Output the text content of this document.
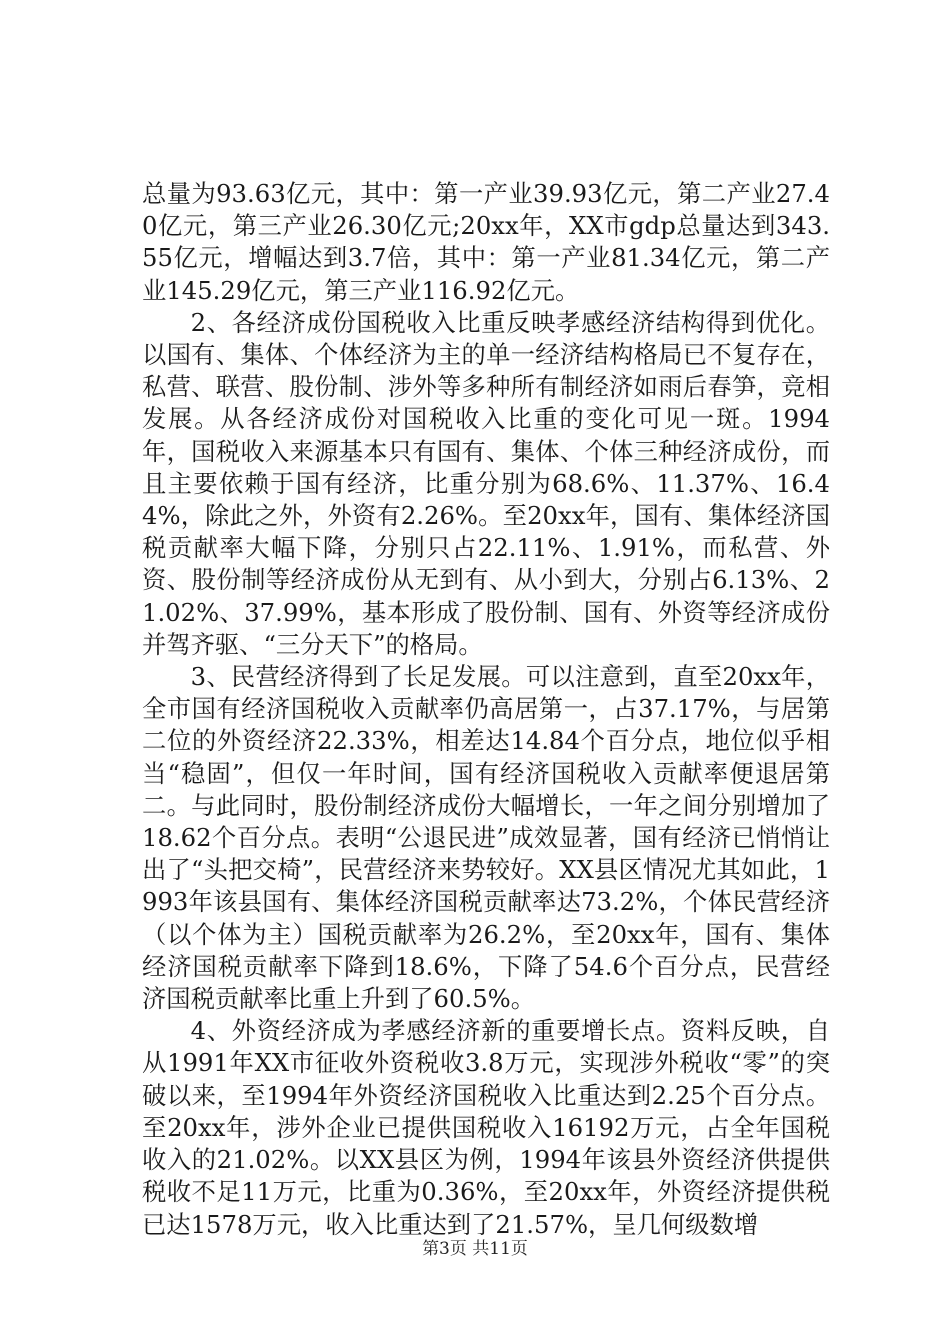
总量为93.63亿元，其中：第一产业39.93亿元，第二产业27.40亿元，第三产业26.30亿元;20xx年，XX市gdp总量达到343.55亿元，增幅达到3.7倍，其中：第一产业81.34亿元，第二产业145.29亿元，第三产业116.92亿元。

2、各经济成份国税收入比重反映孝感经济结构得到优化。以国有、集体、个体经济为主的单一经济结构格局已不复存在，私营、联营、股份制、涉外等多种所有制经济如雨后春笋，竞相发展。从各经济成份对国税收入比重的变化可见一斑。1994年，国税收入来源基本只有国有、集体、个体三种经济成份，而且主要依赖于国有经济，比重分别为68.6%、11.37%、16.44%，除此之外，外资有2.26%。至20xx年，国有、集体经济国税贡献率大幅下降，分别只占22.11%、1.91%，而私营、外资、股份制等经济成份从无到有、从小到大，分别占6.13%、21.02%、37.99%，基本形成了股份制、国有、外资等经济成份并驾齐驱、“三分天下”的格局。

3、民营经济得到了长足发展。可以注意到，直至20xx年，全市国有经济国税收入贡献率仍高居第一，占37.17%，与居第二位的外资经济22.33%，相差达14.84个百分点，地位似乎相当“稳固”，但仅一年时间，国有经济国税收入贡献率便退居第二。与此同时，股份制经济成份大幅增长，一年之间分别增加了18.62个百分点。表明“公退民进”成效显著，国有经济已悄悄让出了“头把交椅”，民营经济来势较好。XX县区情况尤其如此，1993年该县国有、集体经济国税贡献率达73.2%，个体民营经济（以个体为主）国税贡献率为26.2%，至20xx年，国有、集体经济国税贡献率下降到18.6%，下降了54.6个百分点，民营经济国税贡献率比重上升到了60.5%。

4、外资经济成为孝感经济新的重要增长点。资料反映，自从1991年XX市征收外资税收3.8万元，实现涉外税收“零”的突破以来，至1994年外资经济国税收入比重达到2.25个百分点。至20xx年，涉外企业已提供国税收入16192万元，占全年国税收入的21.02%。以XX县区为例，1994年该县外资经济供提供税收不足11万元，比重为0.36%，至20xx年，外资经济提供税已达1578万元，收入比重达到了21.57%，呈几何级数增

第3页 共11页
